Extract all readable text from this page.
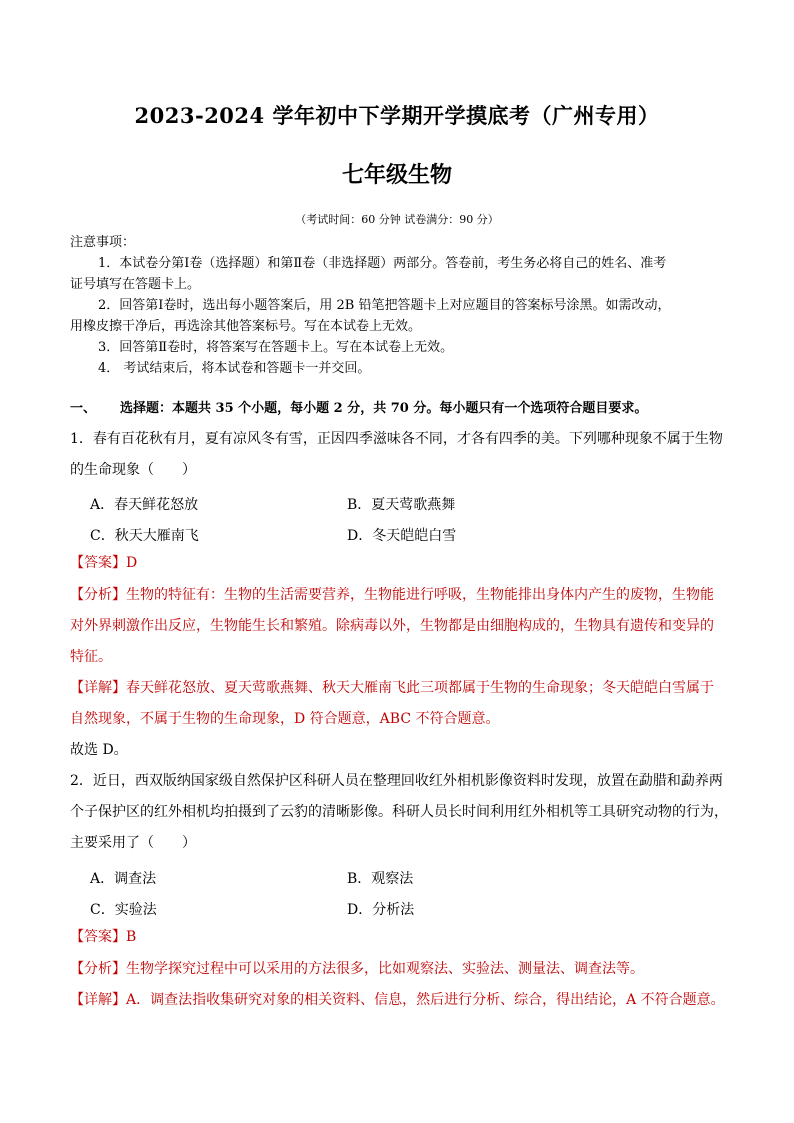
2023-2024 学年初中下学期开学摸底考（广州专用）
七年级生物
（考试时间：60 分钟 试卷满分：90 分）
注意事项：
1．本试卷分第Ⅰ卷（选择题）和第Ⅱ卷（非选择题）两部分。答卷前，考生务必将自己的姓名、准考
证号填写在答题卡上。
2．回答第Ⅰ卷时，选出每小题答案后，用 2B 铅笔把答题卡上对应题目的答案标号涂黑。如需改动，
用橡皮擦干净后，再选涂其他答案标号。写在本试卷上无效。
3．回答第Ⅱ卷时，将答案写在答题卡上。写在本试卷上无效。
4． 考试结束后，将本试卷和答题卡一并交回。
一、	选择题：本题共 35 个小题，每小题 2 分，共 70 分。每小题只有一个选项符合题目要求。
1．春有百花秋有月，夏有凉风冬有雪，正因四季滋味各不同，才各有四季的美。下列哪种现象不属于生物
的生命现象（　　）
A．春天鲜花怒放	B．夏天莺歌燕舞
C．秋天大雁南飞	D．冬天皑皑白雪
【答案】D
【分析】生物的特征有：生物的生活需要营养，生物能进行呼吸，生物能排出身体内产生的废物，生物能
对外界刺激作出反应，生物能生长和繁殖。除病毒以外，生物都是由细胞构成的，生物具有遗传和变异的
特征。
【详解】春天鲜花怒放、夏天莺歌燕舞、秋天大雁南飞此三项都属于生物的生命现象；冬天皑皑白雪属于
自然现象，不属于生物的生命现象，D 符合题意，ABC 不符合题意。
故选 D。
2．近日，西双版纳国家级自然保护区科研人员在整理回收红外相机影像资料时发现，放置在勐腊和勐养两
个子保护区的红外相机均拍摄到了云豹的清晰影像。科研人员长时间利用红外相机等工具研究动物的行为，
主要采用了（　　）
A．调查法	B．观察法
C．实验法	D．分析法
【答案】B
【分析】生物学探究过程中可以采用的方法很多，比如观察法、实验法、测量法、调查法等。
【详解】A．调查法指收集研究对象的相关资料、信息，然后进行分析、综合，得出结论，A 不符合题意。
